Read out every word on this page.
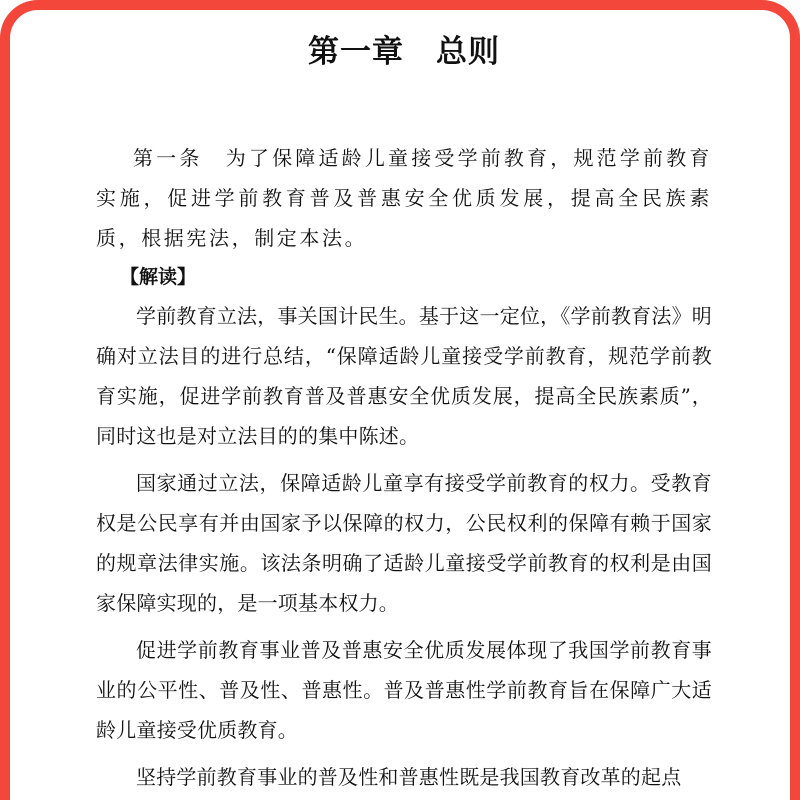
第一章　总则

第一条　为了保障适龄儿童接受学前教育，规范学前教育实施，促进学前教育普及普惠安全优质发展，提高全民族素质，根据宪法，制定本法。

【解读】

学前教育立法，事关国计民生。基于这一定位，《学前教育法》明确对立法目的进行总结，“保障适龄儿童接受学前教育，规范学前教育实施，促进学前教育普及普惠安全优质发展，提高全民族素质”，同时这也是对立法目的的集中陈述。

国家通过立法，保障适龄儿童享有接受学前教育的权力。受教育权是公民享有并由国家予以保障的权力，公民权利的保障有赖于国家的规章法律实施。该法条明确了适龄儿童接受学前教育的权利是由国家保障实现的，是一项基本权力。

促进学前教育事业普及普惠安全优质发展体现了我国学前教育事业的公平性、普及性、普惠性。普及普惠性学前教育旨在保障广大适龄儿童接受优质教育。

坚持学前教育事业的普及性和普惠性既是我国教育改革的起点
